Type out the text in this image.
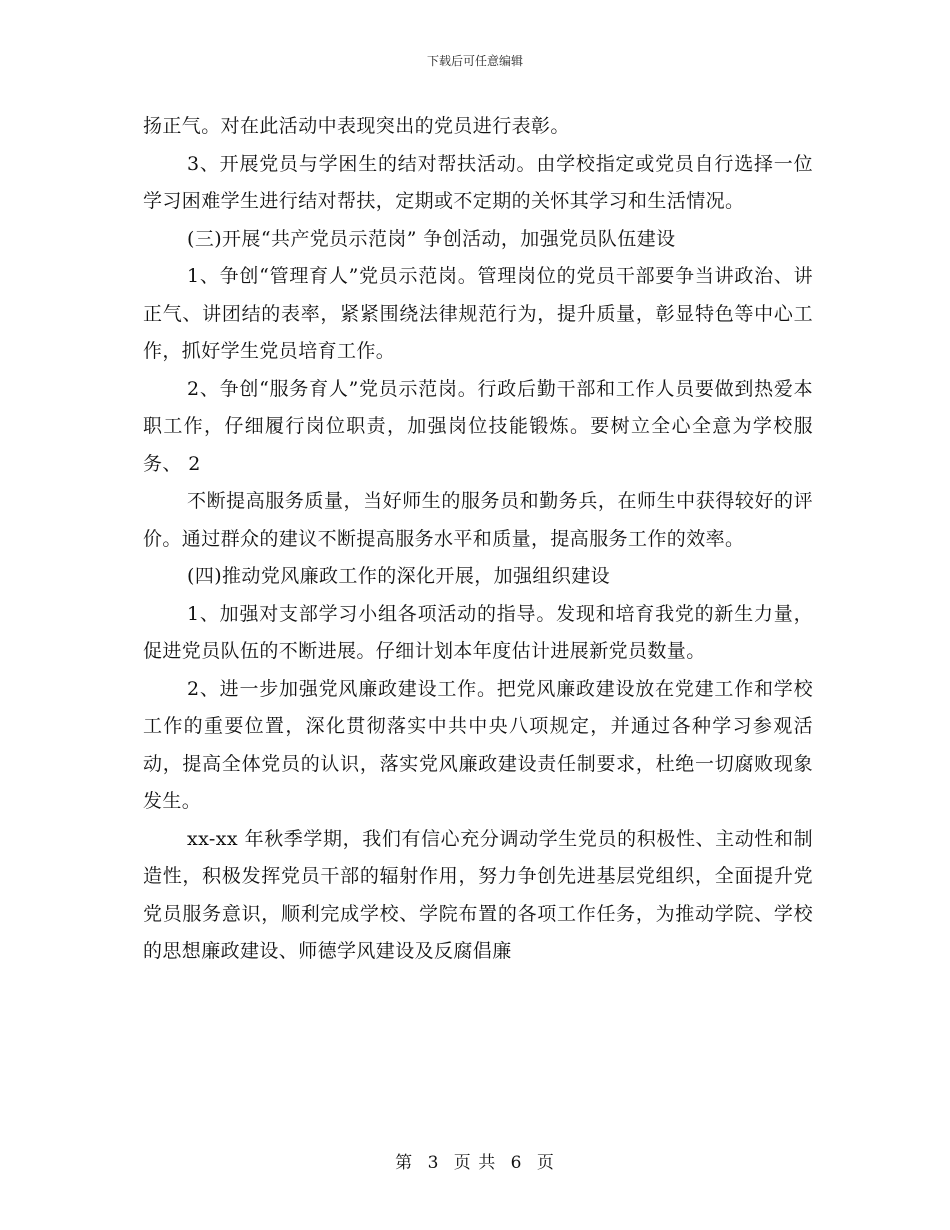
下载后可任意编辑

扬正气。对在此活动中表现突出的党员进行表彰。

3、开展党员与学困生的结对帮扶活动。由学校指定或党员自行选择一位学习困难学生进行结对帮扶，定期或不定期的关怀其学习和生活情况。

(三)开展“共产党员示范岗” 争创活动，加强党员队伍建设

1、争创“管理育人”党员示范岗。管理岗位的党员干部要争当讲政治、讲正气、讲团结的表率，紧紧围绕法律规范行为，提升质量，彰显特色等中心工作，抓好学生党员培育工作。

2、争创“服务育人”党员示范岗。行政后勤干部和工作人员要做到热爱本职工作，仔细履行岗位职责，加强岗位技能锻炼。要树立全心全意为学校服务、 2

不断提高服务质量，当好师生的服务员和勤务兵，在师生中获得较好的评价。通过群众的建议不断提高服务水平和质量，提高服务工作的效率。

(四)推动党风廉政工作的深化开展，加强组织建设

1、加强对支部学习小组各项活动的指导。发现和培育我党的新生力量，促进党员队伍的不断进展。仔细计划本年度估计进展新党员数量。

2、进一步加强党风廉政建设工作。把党风廉政建设放在党建工作和学校工作的重要位置，深化贯彻落实中共中央八项规定，并通过各种学习参观活动，提高全体党员的认识，落实党风廉政建设责任制要求，杜绝一切腐败现象发生。

xx-xx 年秋季学期，我们有信心充分调动学生党员的积极性、主动性和制造性，积极发挥党员干部的辐射作用，努力争创先进基层党组织，全面提升党党员服务意识，顺利完成学校、学院布置的各项工作任务，为推动学院、学校的思想廉政建设、师德学风建设及反腐倡廉

第 3 页 共 6 页
